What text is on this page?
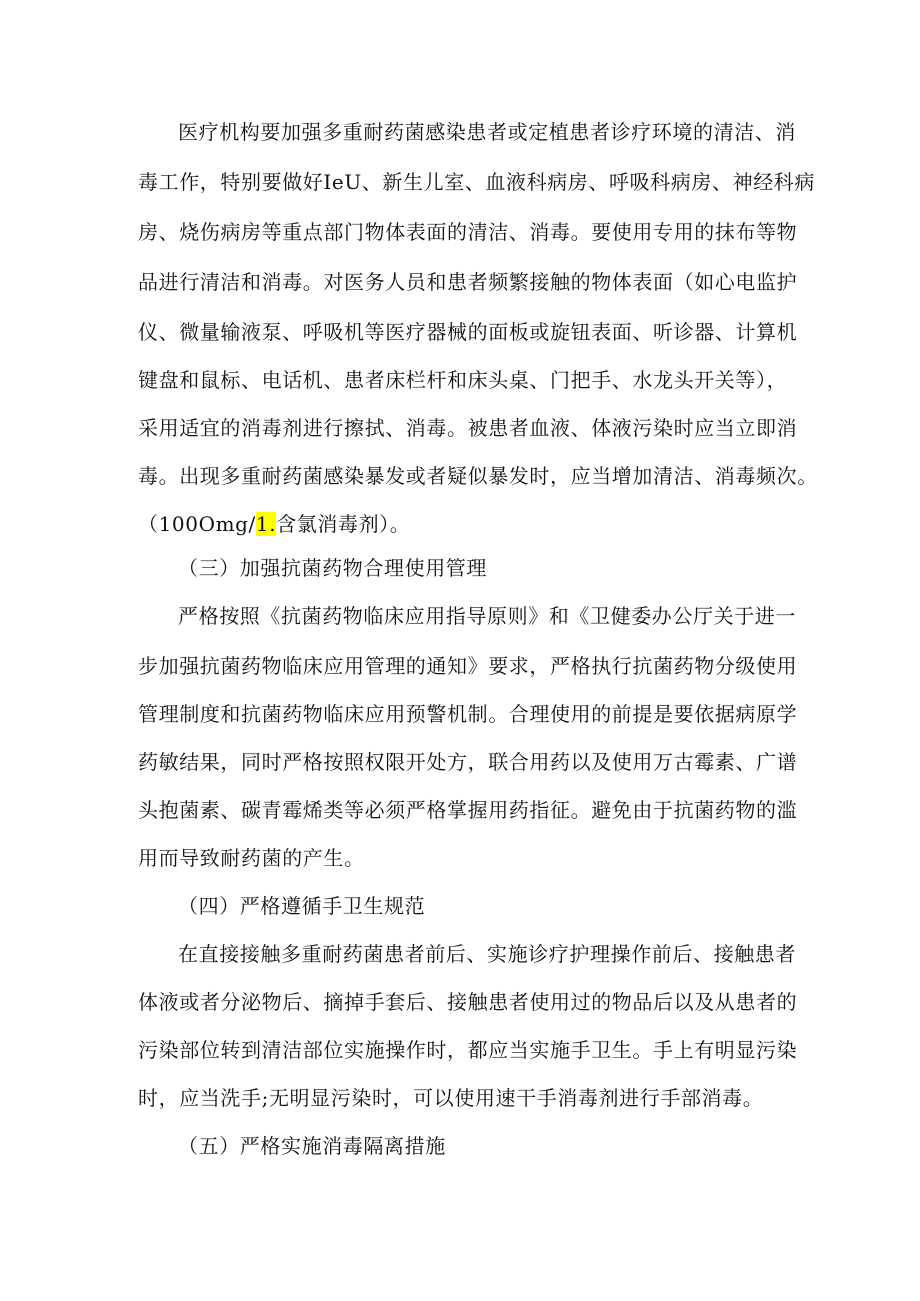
医疗机构要加强多重耐药菌感染患者或定植患者诊疗环境的清洁、消
毒工作，特别要做好IeU、新生儿室、血液科病房、呼吸科病房、神经科病
房、烧伤病房等重点部门物体表面的清洁、消毒。要使用专用的抹布等物
品进行清洁和消毒。对医务人员和患者频繁接触的物体表面（如心电监护
仪、微量输液泵、呼吸机等医疗器械的面板或旋钮表面、听诊器、计算机
键盘和鼠标、电话机、患者床栏杆和床头桌、门把手、水龙头开关等），
采用适宜的消毒剂进行擦拭、消毒。被患者血液、体液污染时应当立即消
毒。出现多重耐药菌感染暴发或者疑似暴发时，应当增加清洁、消毒频次。
（100Omg/1.含氯消毒剂）。
（三）加强抗菌药物合理使用管理
严格按照《抗菌药物临床应用指导原则》和《卫健委办公厅关于进一
步加强抗菌药物临床应用管理的通知》要求，严格执行抗菌药物分级使用
管理制度和抗菌药物临床应用预警机制。合理使用的前提是要依据病原学
药敏结果，同时严格按照权限开处方，联合用药以及使用万古霉素、广谱
头抱菌素、碳青霉烯类等必须严格掌握用药指征。避免由于抗菌药物的滥
用而导致耐药菌的产生。
（四）严格遵循手卫生规范
在直接接触多重耐药菌患者前后、实施诊疗护理操作前后、接触患者
体液或者分泌物后、摘掉手套后、接触患者使用过的物品后以及从患者的
污染部位转到清洁部位实施操作时，都应当实施手卫生。手上有明显污染
时，应当洗手;无明显污染时，可以使用速干手消毒剂进行手部消毒。
（五）严格实施消毒隔离措施
